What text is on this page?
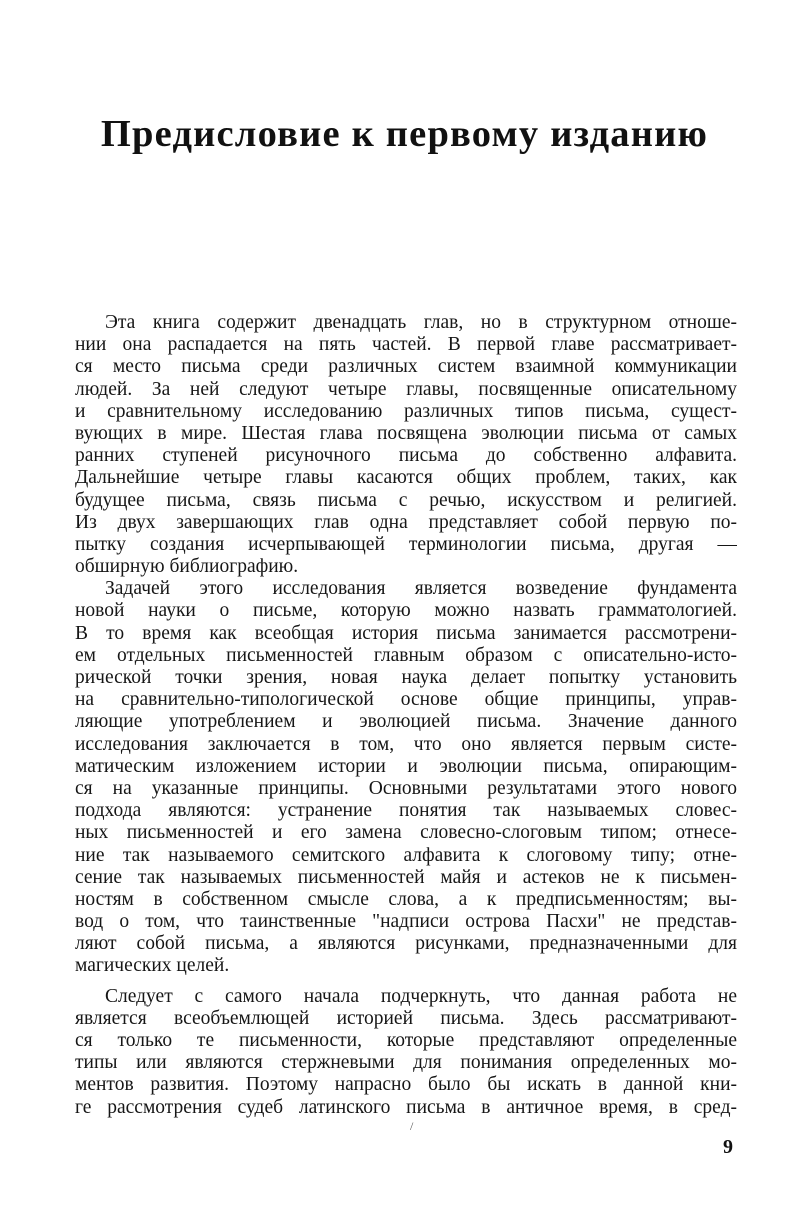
Предисловие к первому изданию
Эта книга содержит двенадцать глав, но в структурном отноше-
нии она распадается на пять частей. В первой главе рассматривает-
ся место письма среди различных систем взаимной коммуникации
людей. За ней следуют четыре главы, посвященные описательному
и сравнительному исследованию различных типов письма, сущест-
вующих в мире. Шестая глава посвящена эволюции письма от самых
ранних ступеней рисуночного письма до собственно алфавита.
Дальнейшие четыре главы касаются общих проблем, таких, как
будущее письма, связь письма с речью, искусством и религией.
Из двух завершающих глав одна представляет собой первую по-
пытку создания исчерпывающей терминологии письма, другая —
обширную библиографию.
Задачей этого исследования является возведение фундамента
новой науки о письме, которую можно назвать грамматологией.
В то время как всеобщая история письма занимается рассмотрени-
ем отдельных письменностей главным образом с описательно-исто-
рической точки зрения, новая наука делает попытку установить
на сравнительно-типологической основе общие принципы, управ-
ляющие употреблением и эволюцией письма. Значение данного
исследования заключается в том, что оно является первым систе-
матическим изложением истории и эволюции письма, опирающим-
ся на указанные принципы. Основными результатами этого нового
подхода являются: устранение понятия так называемых словес-
ных письменностей и его замена словесно-слоговым типом; отнесе-
ние так называемого семитского алфавита к слоговому типу; отне-
сение так называемых письменностей майя и астеков не к письмен-
ностям в собственном смысле слова, а к предписьменностям; вы-
вод о том, что таинственные "надписи острова Пасхи" не представ-
ляют собой письма, а являются рисунками, предназначенными для
магических целей.
Следует с самого начала подчеркнуть, что данная работа не
является всеобъемлющей историей письма. Здесь рассматривают-
ся только те письменности, которые представляют определенные
типы или являются стержневыми для понимания определенных мо-
ментов развития. Поэтому напрасно было бы искать в данной кни-
ге рассмотрения судеб латинского письма в античное время, в сред-
/
9
